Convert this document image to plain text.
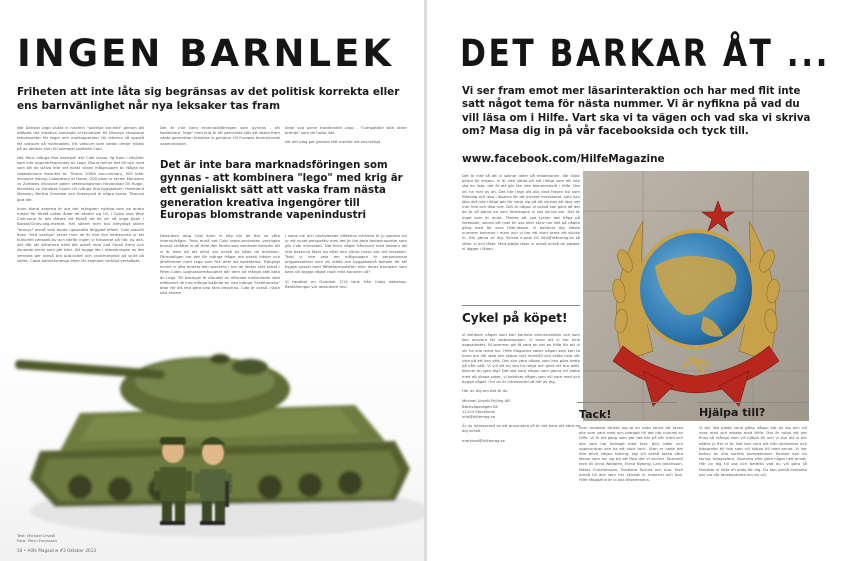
INGEN BARNLEK

Friheten att inte låta sig begränsas av det politisk korrekta eller ens barnvänlighet når nya leksaker tas fram

När Danska Lego slutat in nischen "politiskt kor-rekt" genom att eftäpda det kreativa samsade al-ternativet till Disneys showrooa tekvärsekter för fegor och maktapparater för iktierna så uppstå ett vakuum på marknaden. Ett vakuum som sedan dritjer fyllats på av aktörer som till exempel politiska Cobi.

Det finns många fina exempel där Cobi lanser lig fram i tänjliter som inte uppmärksammats av Lego. Bland roliner det till och med som att de själva inte vet exakt vilken målgruppen är. Några av redaktionens favoriter är: Titanic 100th anni-versary, 500 bitar inklusive isberg; Laboratory of Doom, 200 bitar ur serien Monsters vs Zombies inklusive galen vetenskapsman förvandlad till flugor, Monsters vs Zombies hjulen till många fina byggsatser; Heartland Mansion, Bertha Chamber och Graveyard är några andra. Titanica god det.

Inom bland anderta är ord det mängden nyttiga som de andra medel för förstå vilken ålder de vänder sig till. I Cobis rosa Wire Club-serie är det lättare att förstå att de vill nå unga tjejer i Barbie/Cindy-seg-mentet. Här säkert men kus betydligt större "bronys" också som borde uppskatta färgglad effekt. Cobi askullit även "helt vanliga" serier men de är inte lika intressanta ur ett kulturellt perspek-tiv och därför ingen vi fokuserat på här. Av alla-det där att attrahera nörd del också rena just Small Army och liknande serier som går bärt. Att bygga lite i utbredningen av det kemiska ger också bra pub-licitet och vinstmarginal på sjukt på seltet. Cobis barnlekmänga ideer lär exempel verkligt verkaåget.

Det är inte bara marknadsföringen som gynnas - att kombinera "lego" med krig är ett genialiskt sätt att vaska fram nästa generation kreativa in-genjörer till Europas blomstrande vapenindustri.

delar ova parce traditionellt Lego - "Compatible with other brands" som de hailar det.

Att det idag ger ganska rätt meriter att ovvnyttigt

Det är inte bara marknadsföringen som gynnas - att kombinera "lego" med krig är ett genialiskt sätt att vaska fram nästa generation kreativa ingengörer till Europas blomstrande vapenindustri

Dessutom drog Cobi även in stig när de fick se våra intervjufrågor. Trots ennå vet Cobi repre-sentanten verkligen brukat skråttet in på Hilfe den första som behövde kampen att vi är dem dit att alltid var också av båda de bredsten. Förmodligen var det för många frågor om pentti hitsler och jämförelser med Lego som fick dem att bestämma. Trängligt kunne vi ofta tordela den speciella i hur de länker stöt också i Peter-Cobis upphovslemässighet där dem på många sätt bära än Lego. Till exempel är utbudet av riflorade mellanleder sket affekoriet de inte många ibkönde en viss mängd "traditionella" bitar för att inte göra sina fans besvikna. Cobi är också i stort sett ensam

I sams ele och utvärderade effektiva inhämta til ju ganska kul ur ett vuxet perspektiv men det är lite bara fantasiroportar som gör Cobi intressant. Det finns något frånvarnt med lekbarn att inte beskriva ålder eg efter den sitnta musa ses vitt leksaken. Trots vi inte vela om målgruppen är personionala briggeexaterer som vill städa och byggakastrå ballster för att bygga pussel med fåffattarmoskitter eller deras barnbarn som bara vill bygga något coolt med kanoner på?

Vi besökte en Gorpitek 7/14 tank från Cobis webshop. Beställningar var dessutlere stul.

Text: Michael Urvköl
Foto: Petru Franssum
50 • Hilfe Magazine #3 Oktober 2013
DET BARKAR ÅT ...

Vi ser fram emot mer läsarinteraktion och har med flit inte satt något tema för nästa nummer. Vi är nyfikna på vad du vill läsa om i Hilfe. Vart ska vi ta vägen och vad ska vi skriva om? Masa dig in på vår facebooksida och tyck till.

www.facebook.com/HilfeMagazine

Det är inte så att vi saknar idéer på redaktionen. Vår listor börjar bli ensam. Vi är inte värda på allt riktigt som att inte ska en lista, det är ett gör lite inte kommersiellt i Hilfe. Det vill ha mer av ah. Det här ringt att alla dina frasen kul som föreslag och läsa i läsarna för att mycket intresserat, som kan läsa det inte riktigt gör för varje sig på ett skrivet att läsa vet mer info och läsa mer. Det är någon vi också kan göra då det de är så gärna en som föreslagna vi ska skriva om. Det är inget som är dumt. Tänkes att vad tycker det fråga på facebook, skicka ett mail till oss eller skriv ner det på någon gång med för vara Hilfe-läsare. Vi behöver dig. Nästa nummer kommer i mars och vi har ett stort tema att skicka in. Hör gärna av dig. Skicka e-post till info@hilfemag.se så sitter vi och läser. Med glädje läser vi också också de papper ni lägger i lådan.

Cykel på köpet!

Vi behöver någon som kan hantera onlinehandeln och som kan ansvara för webbshoppen. Vi lovar att vi har hela dagsarbetet. Ni kommer att få vara en del av Hilfe för att vi vill ha alla mera kul. Hilfe Magazine söker någon som kan ta hand om vår web och skapa nytt innehåll och sköta hela vår sida på ett bra sätt. Det ska vara någon som kan göra detta på vårt sätt. Vi vill att du ska ha roligt och göra ett bra jobb. Känner du igen dig? Det ska vara någon som gärna vill jobba med att skapa saker, vi behöver någon som vill vara med och bygga något. Om du är intresserad så hör av dig.

Hör av dig om det är du.

Michael Urvköl Polling AB
Bäckvägsvägen 85
11124 Stockholm
info@hilfemag.se

Är du intresserad av att annonsera så är det bara att höra av dig också.

marknad@hilfemag.se

Tack!

Som redaktör tänkte jag ta en sista stund att tacka alla som varit med och bidragit till det här numret av Hilfe. Vi är ett gäng som gör det här på vår fritid och alla som har bidragit med text, bild, idéer och uppmuntran ska ha ett stort tack. Utan er hade det inte blivit någon tidning. Jag vill också tacka våra läsare som tar sig tid att läsa det vi skriver. Speciellt tack till Anna Wallgren, Elena Nyberg, Lars Johansson, Niklas Christensson, Svetlana Tschira och Ana. Tack också till alla som har skickat in material och tips. Hilfe Magazine är vi alla tillsammans.

Hjälpa till?

Vi blir lika glada varje gång någon hör av sig och vill vara med och arbeta med Hilfe. Det är roligt att det finns så många som vill hjälpa till och vi tror att vi blir bättre ju fler vi är. Det kan vara allt från skribenter och fotografer till folk som vill hjälpa till med annat. Vi har behov av alla sorters kompetenser. Kanske kan du skriva, fotografera, illustrera eller göra något helt annat. Hör av dig till oss och berätta vad du vill göra så försöker vi hitta en plats för dig. Du kan också kontakta oss via vår facebooksida om du vill.
